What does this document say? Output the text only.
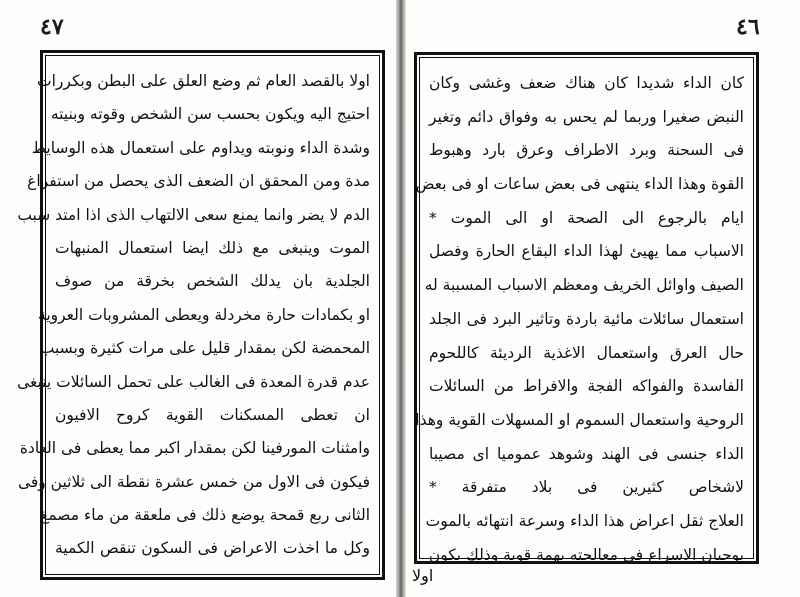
٤٧
اولا بالقصد العام ثم وضع العلق على البطن وبكررات
احتيج اليه ويكون بحسب سن الشخص وقوته وبنيته
وشدة الداء ونوبته ويداوم على استعمال هذه الوسايط
مدة ومن المحقق ان الضعف الذى يحصل من استفراغ
الدم لا يضر وانما يمنع سعى الالتهاب الذى اذا امتد سبب
الموت وينبغى مع ذلك ايضا استعمال المنبهات
الجلدية بان يدلك الشخص بخرقة من صوف
او بكمادات حارة مخردلة ويعطى المشروبات العروية
المحمضة لكن بمقدار قليل على مرات كثيرة وبسبب
عدم قدرة المعدة فى الغالب على تحمل السائلات ينبغى
ان تعطى المسكنات القوية كروح الافيون
وامثنات المورفينا لكن بمقدار اكبر مما يعطى فى العادة
فيكون فى الاول من خمس عشرة نقطة الى ثلاثين وفى
الثانى ربع قمحة يوضع ذلك فى ملعقة من ماء مصمغ
وكل ما اخذت الاعراض فى السكون تنقص الكمية
٤٦
كان الداء شديدا كان هناك ضعف وغشى وكان
النبض صغيرا وربما لم يحس به وفواق دائم وتغير
فى السحنة وبرد الاطراف وعرق بارد وهبوط
القوة وهذا الداء ينتهى فى بعض ساعات او فى بعض
ايام بالرجوع الى الصحة او الى الموت *
الاسباب مما يهيئ لهذا الداء البقاع الحارة وفصل
الصيف واوائل الخريف ومعظم الاسباب المسببة له
استعمال سائلات مائية باردة وتاثير البرد فى الجلد
حال العرق واستعمال الاغذية الرديئة كاللحوم
الفاسدة والفواكه الفجة والافراط من السائلات
الروحية واستعمال السموم او المسهلات القوية وهذا
الداء جنسى فى الهند وشوهد عموميا اى مصيبا
لاشخاص كثيرين فى بلاد متفرقة *
العلاج ثقل اعراض هذا الداء وسرعة انتهائه بالموت
يوجبان الاسراع فى معالجته بهمة قوية وذلك يكون
اولا
